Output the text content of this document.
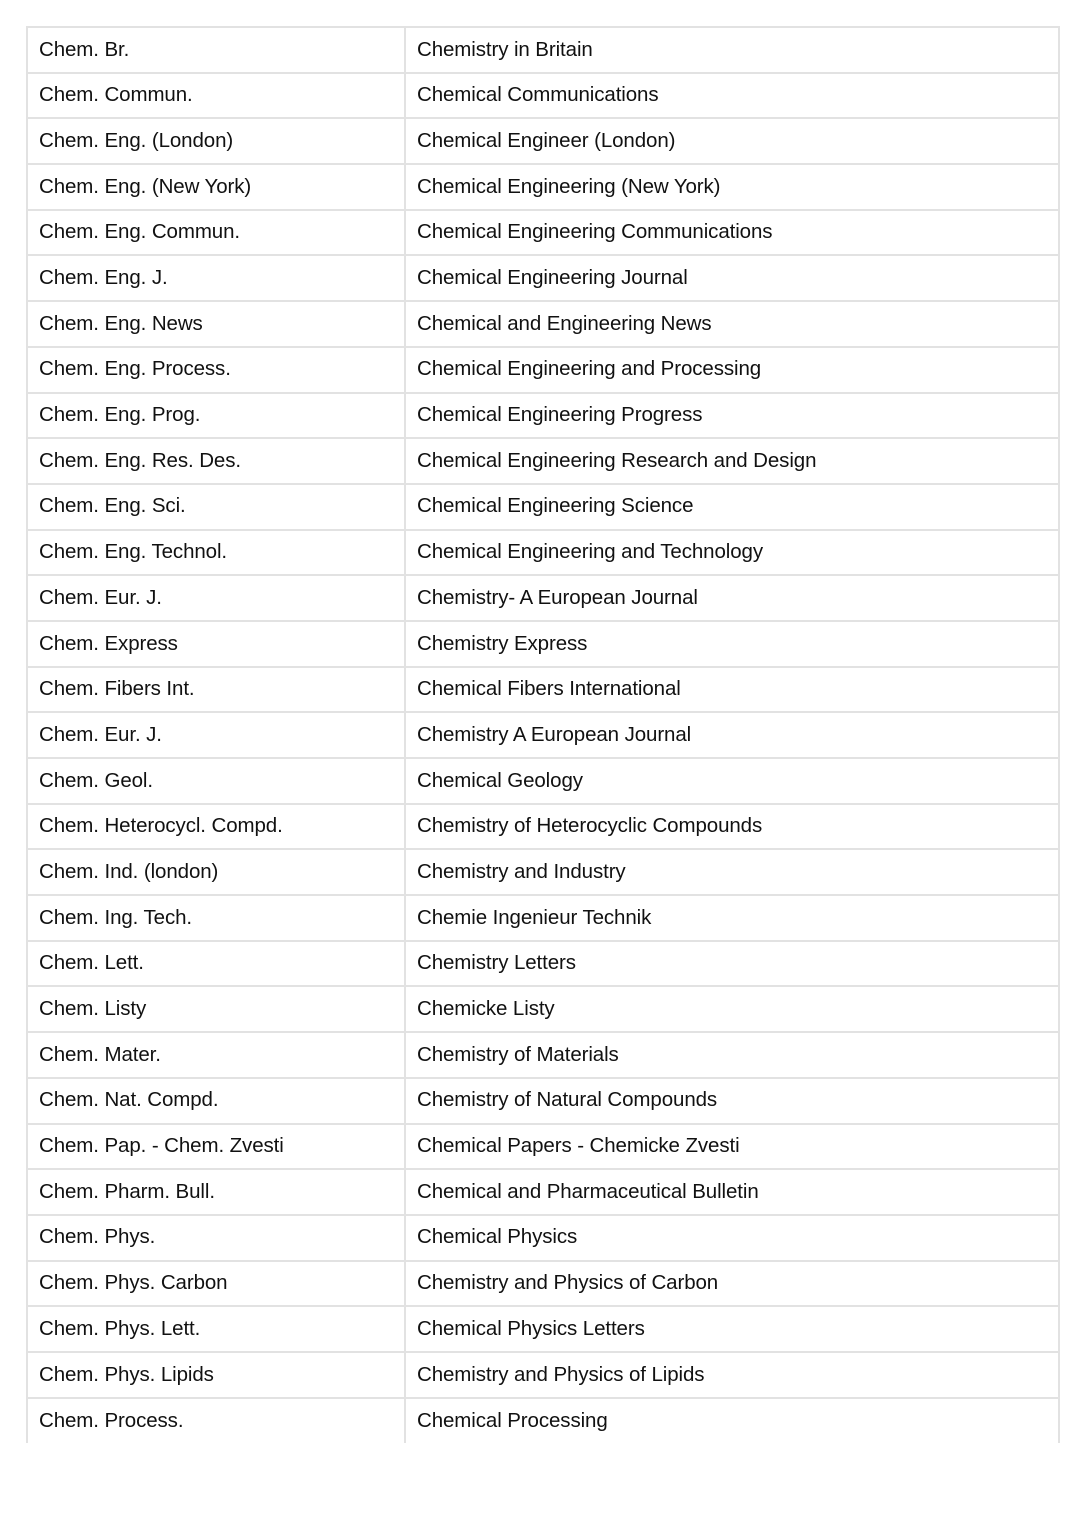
Chem. Br.	Chemistry in Britain
Chem. Commun.	Chemical Communications
Chem. Eng. (London)	Chemical Engineer (London)
Chem. Eng. (New York)	Chemical Engineering (New York)
Chem. Eng. Commun.	Chemical Engineering Communications
Chem. Eng. J.	Chemical Engineering Journal
Chem. Eng. News	Chemical and Engineering News
Chem. Eng. Process.	Chemical Engineering and Processing
Chem. Eng. Prog.	Chemical Engineering Progress
Chem. Eng. Res. Des.	Chemical Engineering Research and Design
Chem. Eng. Sci.	Chemical Engineering Science
Chem. Eng. Technol.	Chemical Engineering and Technology
Chem. Eur. J.	Chemistry- A European Journal
Chem. Express	Chemistry Express
Chem. Fibers Int.	Chemical Fibers International
Chem. Eur. J.	Chemistry A European Journal
Chem. Geol.	Chemical Geology
Chem. Heterocycl. Compd.	Chemistry of Heterocyclic Compounds
Chem. Ind. (london)	Chemistry and Industry
Chem. Ing. Tech.	Chemie Ingenieur Technik
Chem. Lett.	Chemistry Letters
Chem. Listy	Chemicke Listy
Chem. Mater.	Chemistry of Materials
Chem. Nat. Compd.	Chemistry of Natural Compounds
Chem. Pap. - Chem. Zvesti	Chemical Papers - Chemicke Zvesti
Chem. Pharm. Bull.	Chemical and Pharmaceutical Bulletin
Chem. Phys.	Chemical Physics
Chem. Phys. Carbon	Chemistry and Physics of Carbon
Chem. Phys. Lett.	Chemical Physics Letters
Chem. Phys. Lipids	Chemistry and Physics of Lipids
Chem. Process.	Chemical Processing
